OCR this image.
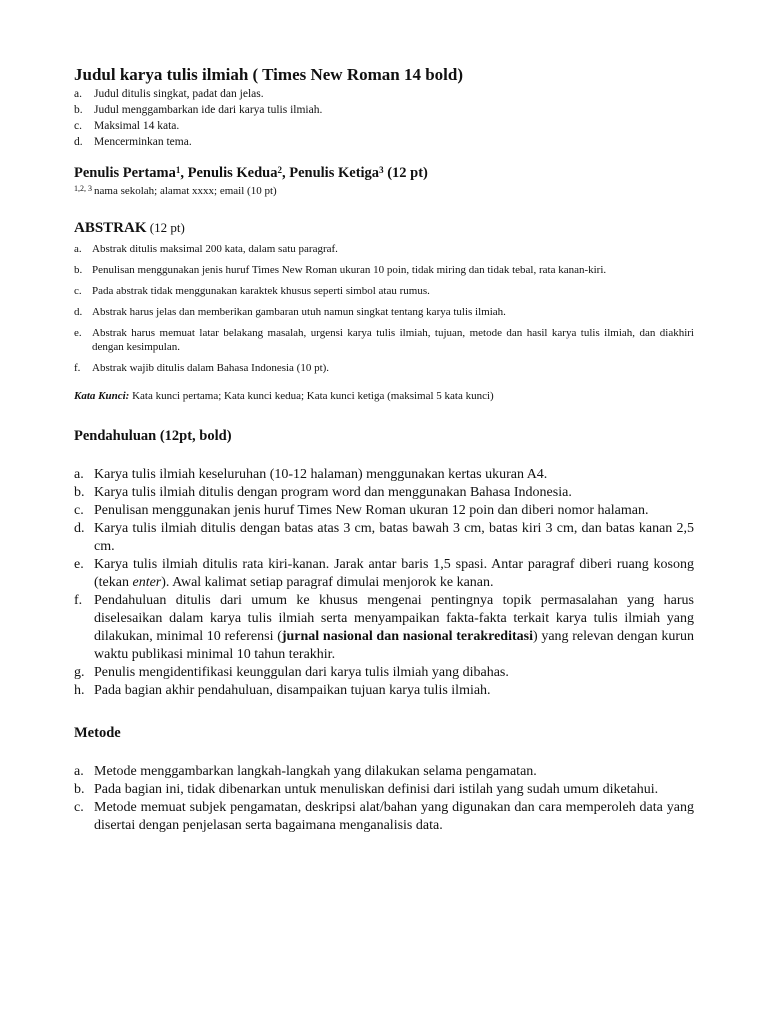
Judul karya tulis ilmiah ( Times New Roman 14 bold)
a.	Judul ditulis singkat, padat dan jelas.
b. Judul menggambarkan ide dari karya tulis ilmiah.
c.	Maksimal 14 kata.
d. Mencerminkan tema.
Penulis Pertama$^1$, Penulis Kedua$^2$, Penulis Ketiga$^3$ (12 pt)
$^{1,2, 3}$ nama sekolah; alamat xxxx; email (10 pt)
ABSTRAK (12 pt)
a. Abstrak ditulis maksimal 200 kata, dalam satu paragraf.
b. Penulisan menggunakan jenis huruf Times New Roman ukuran 10 poin, tidak miring dan tidak tebal, rata kanan-kiri.
c. Pada abstrak tidak menggunakan karaktek khusus seperti simbol atau rumus.
d. Abstrak harus jelas dan memberikan gambaran utuh namun singkat tentang karya tulis ilmiah.
e. Abstrak harus memuat latar belakang masalah, urgensi karya tulis ilmiah, tujuan, metode dan hasil karya tulis ilmiah, dan diakhiri dengan kesimpulan.
f.	Abstrak wajib ditulis dalam Bahasa Indonesia (10 pt).
Kata Kunci: Kata kunci pertama; Kata kunci kedua; Kata kunci ketiga (maksimal 5 kata kunci)
Pendahuluan (12pt, bold)
a. Karya tulis ilmiah keseluruhan (10-12 halaman) menggunakan kertas ukuran A4.
b. Karya tulis ilmiah ditulis dengan program word dan menggunakan Bahasa Indonesia.
c. Penulisan menggunakan jenis huruf Times New Roman ukuran 12 poin dan diberi nomor halaman.
d. Karya tulis ilmiah ditulis dengan batas atas 3 cm, batas bawah 3 cm, batas kiri 3 cm, dan batas kanan 2,5 cm.
e. Karya tulis ilmiah ditulis rata kiri-kanan. Jarak antar baris 1,5 spasi. Antar paragraf diberi ruang kosong (tekan enter). Awal kalimat setiap paragraf dimulai menjorok ke kanan.
f. Pendahuluan ditulis dari umum ke khusus mengenai pentingnya topik permasalahan yang harus diselesaikan dalam karya tulis ilmiah serta menyampaikan fakta-fakta terkait karya tulis ilmiah yang dilakukan, minimal 10 referensi (jurnal nasional dan nasional terakreditasi) yang relevan dengan kurun waktu publikasi minimal 10 tahun terakhir.
g. Penulis mengidentifikasi keunggulan dari karya tulis ilmiah yang dibahas.
h. Pada bagian akhir pendahuluan, disampaikan tujuan karya tulis ilmiah.
Metode
a. Metode menggambarkan langkah-langkah yang dilakukan selama pengamatan.
b. Pada bagian ini, tidak dibenarkan untuk menuliskan definisi dari istilah yang sudah umum diketahui.
c. Metode memuat subjek pengamatan, deskripsi alat/bahan yang digunakan dan cara memperoleh data yang disertai dengan penjelasan serta bagaimana menganalisis data.
